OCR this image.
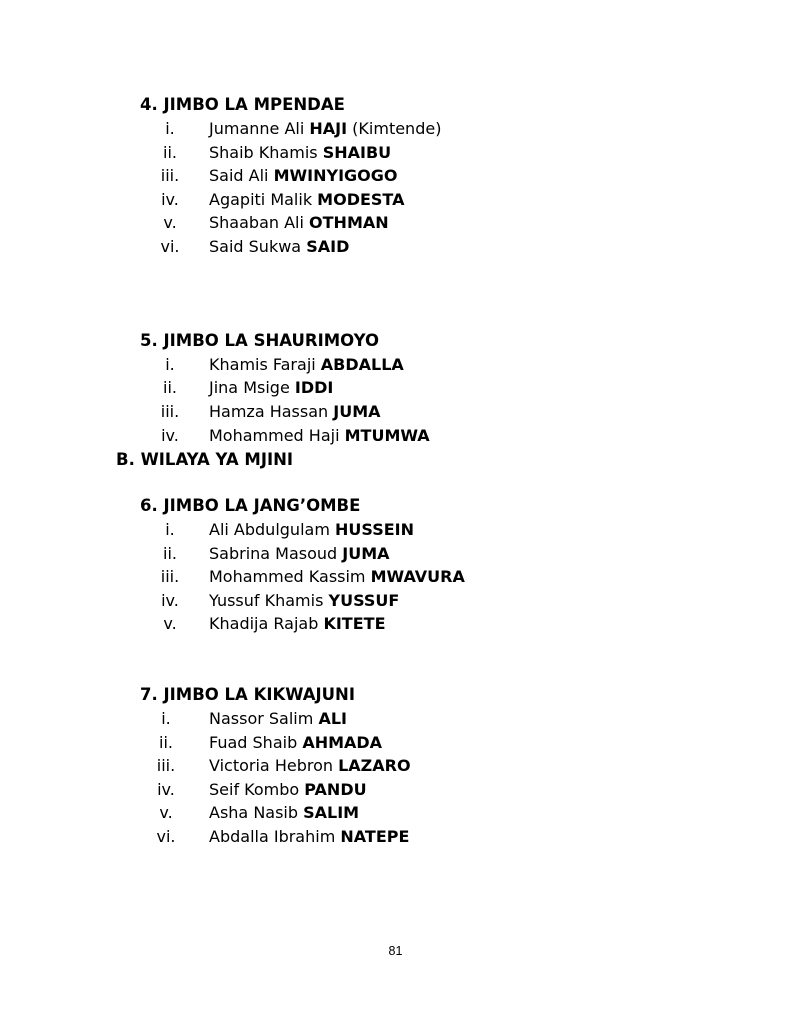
4. JIMBO LA MPENDAE
i.	Jumanne Ali HAJI (Kimtende)
ii.	Shaib Khamis SHAIBU
iii.	Said Ali MWINYIGOGO
iv.	Agapiti Malik MODESTA
v.	Shaaban Ali OTHMAN
vi.	Said Sukwa SAID
5. JIMBO LA SHAURIMOYO
i.	Khamis Faraji ABDALLA
ii.	Jina Msige IDDI
iii.	Hamza Hassan JUMA
iv.	Mohammed Haji MTUMWA
B. WILAYA YA MJINI
6. JIMBO LA JANG’OMBE
i.	Ali Abdulgulam HUSSEIN
ii.	Sabrina Masoud JUMA
iii.	Mohammed Kassim MWAVURA
iv.	Yussuf Khamis YUSSUF
v.	Khadija Rajab KITETE
7. JIMBO LA KIKWAJUNI
i.	Nassor Salim ALI
ii.	Fuad Shaib AHMADA
iii.	Victoria Hebron LAZARO
iv.	Seif Kombo PANDU
v.	Asha Nasib SALIM
vi.	Abdalla Ibrahim NATEPE
81
